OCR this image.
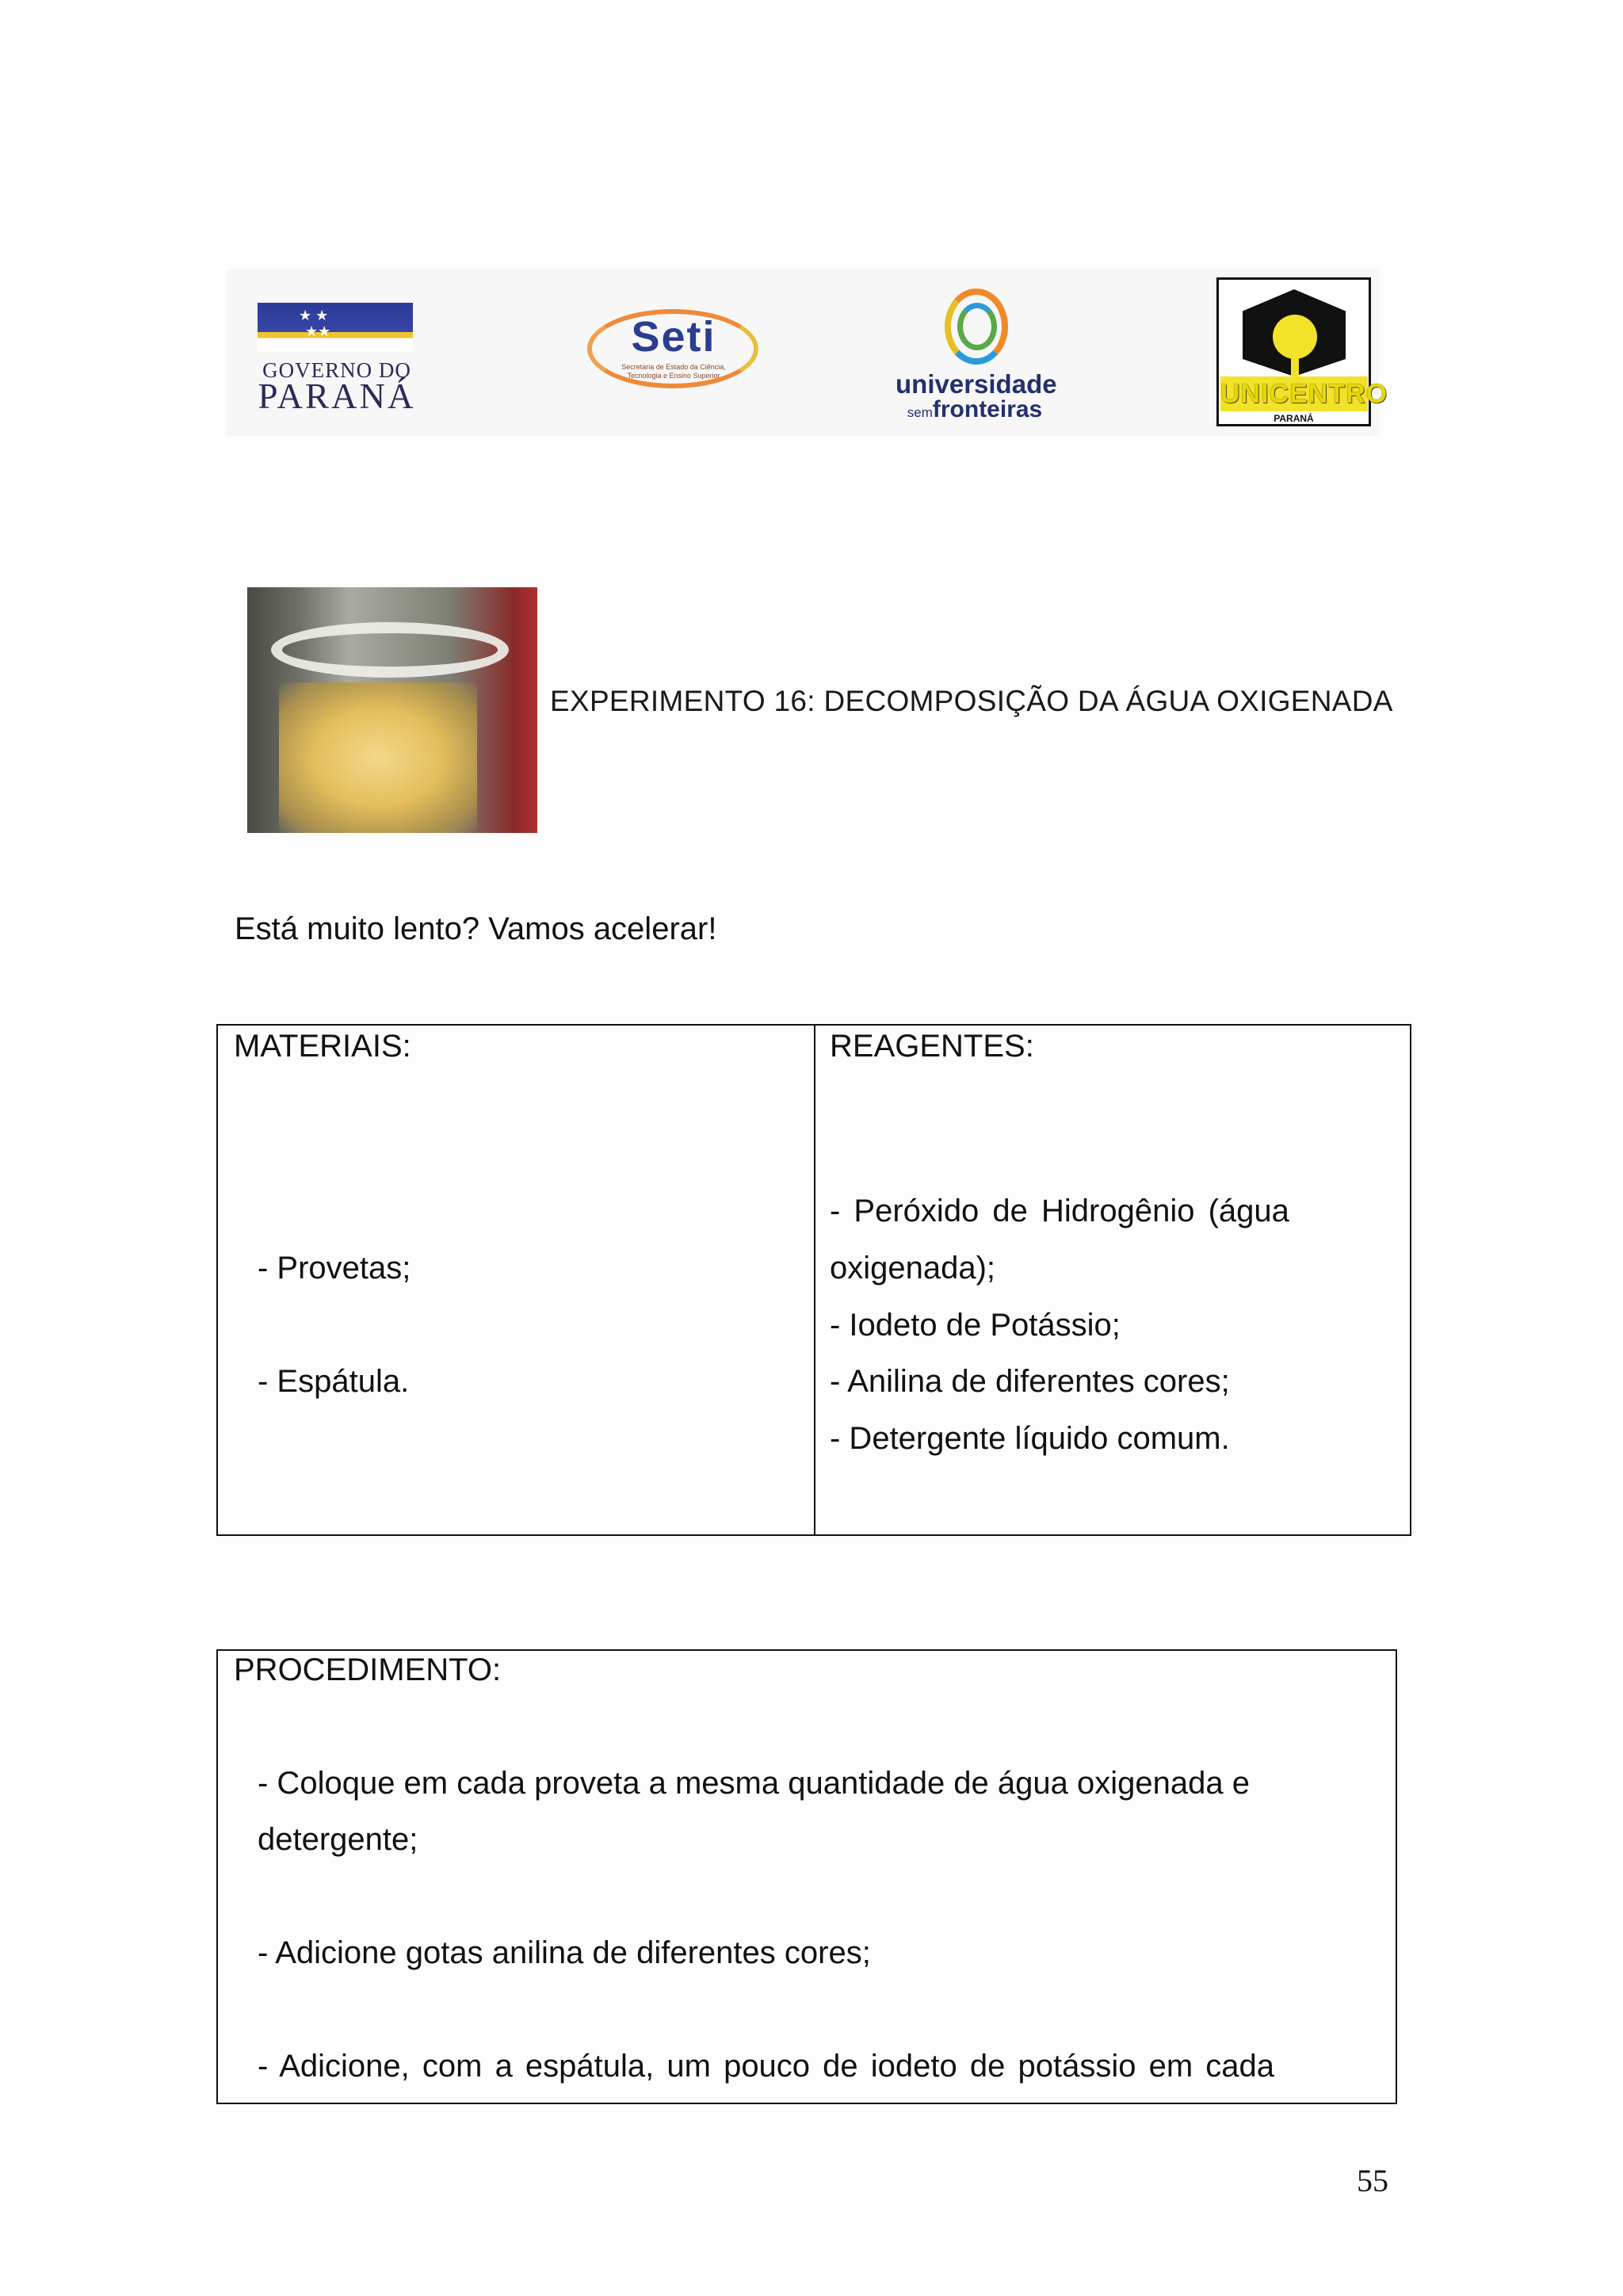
★ ★
★★
GOVERNO DO
PARANÁ
Seti
Secretaria de Estado da Ciência, Tecnologia e Ensino Superior	universidade
semfronteiras
UNICENTRO
PARANÁ
EXPERIMENTO 16: DECOMPOSIÇÃO DA ÁGUA OXIGENADA
Está muito lento? Vamos acelerar!
MATERIAIS:
- Provetas;
- Espátula.
REAGENTES:
- Peróxido de Hidrogênio (água
oxigenada);
- Iodeto de Potássio;
- Anilina de diferentes cores;
- Detergente líquido comum.
PROCEDIMENTO:
- Coloque em cada proveta a mesma quantidade de água oxigenada e
detergente;
- Adicione gotas anilina de diferentes cores;
- Adicione, com a espátula, um pouco de iodeto de potássio em cada
55
